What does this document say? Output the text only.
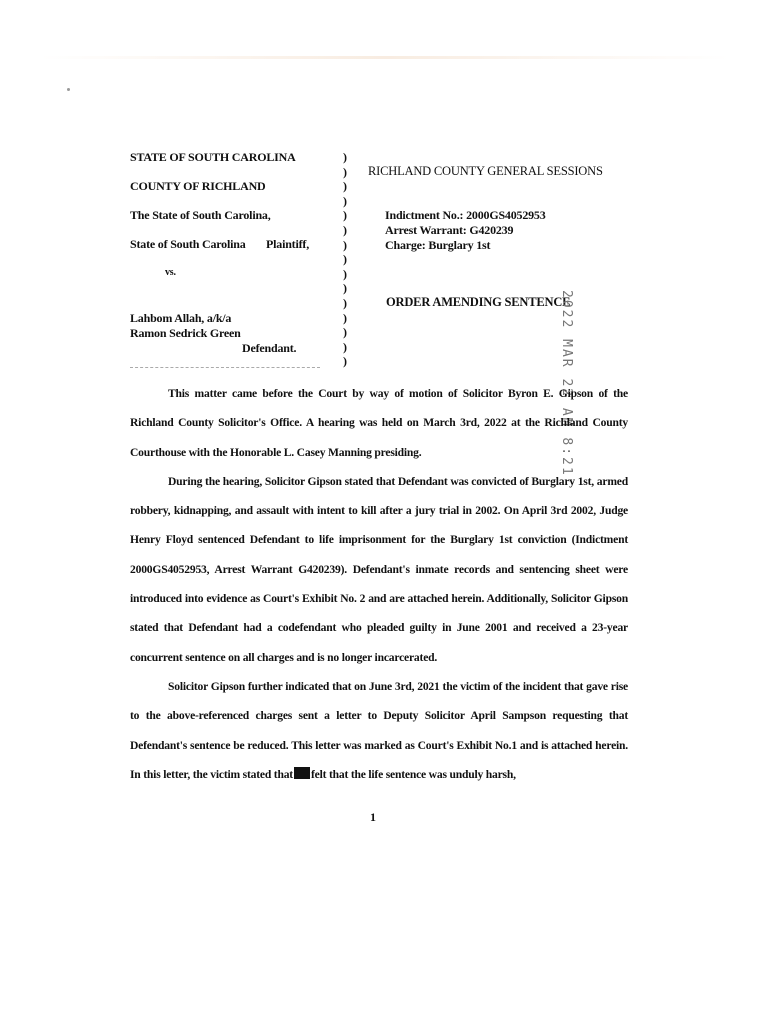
STATE OF SOUTH CAROLINA
COUNTY OF RICHLAND
The State of South Carolina,
State of South Carolina Plaintiff,
vs.
Lahbom Allah, a/k/a
Ramon Sedrick Green
Defendant.
)
)
)
)
)
)
)
)
)
)
)
)
)
)
)
RICHLAND COUNTY GENERAL SESSIONS
Indictment No.: 2000GS4052953
Arrest Warrant: G420239
Charge: Burglary 1st
ORDER AMENDING SENTENCE
2022 MAR 22 AM 8:21

This matter came before the Court by way of motion of Solicitor Byron E. Gipson of the Richland County Solicitor's Office. A hearing was held on March 3rd, 2022 at the Richland County Courthouse with the Honorable L. Casey Manning presiding.

During the hearing, Solicitor Gipson stated that Defendant was convicted of Burglary 1st, armed robbery, kidnapping, and assault with intent to kill after a jury trial in 2002. On April 3rd 2002, Judge Henry Floyd sentenced Defendant to life imprisonment for the Burglary 1st conviction (Indictment 2000GS4052953, Arrest Warrant G420239). Defendant's inmate records and sentencing sheet were introduced into evidence as Court's Exhibit No. 2 and are attached herein. Additionally, Solicitor Gipson stated that Defendant had a codefendant who pleaded guilty in June 2001 and received a 23-year concurrent sentence on all charges and is no longer incarcerated.

Solicitor Gipson further indicated that on June 3rd, 2021 the victim of the incident that gave rise to the above-referenced charges sent a letter to Deputy Solicitor April Sampson requesting that Defendant's sentence be reduced. This letter was marked as Court's Exhibit No.1 and is attached herein. In this letter, the victim stated that felt that the life sentence was unduly harsh,

1
